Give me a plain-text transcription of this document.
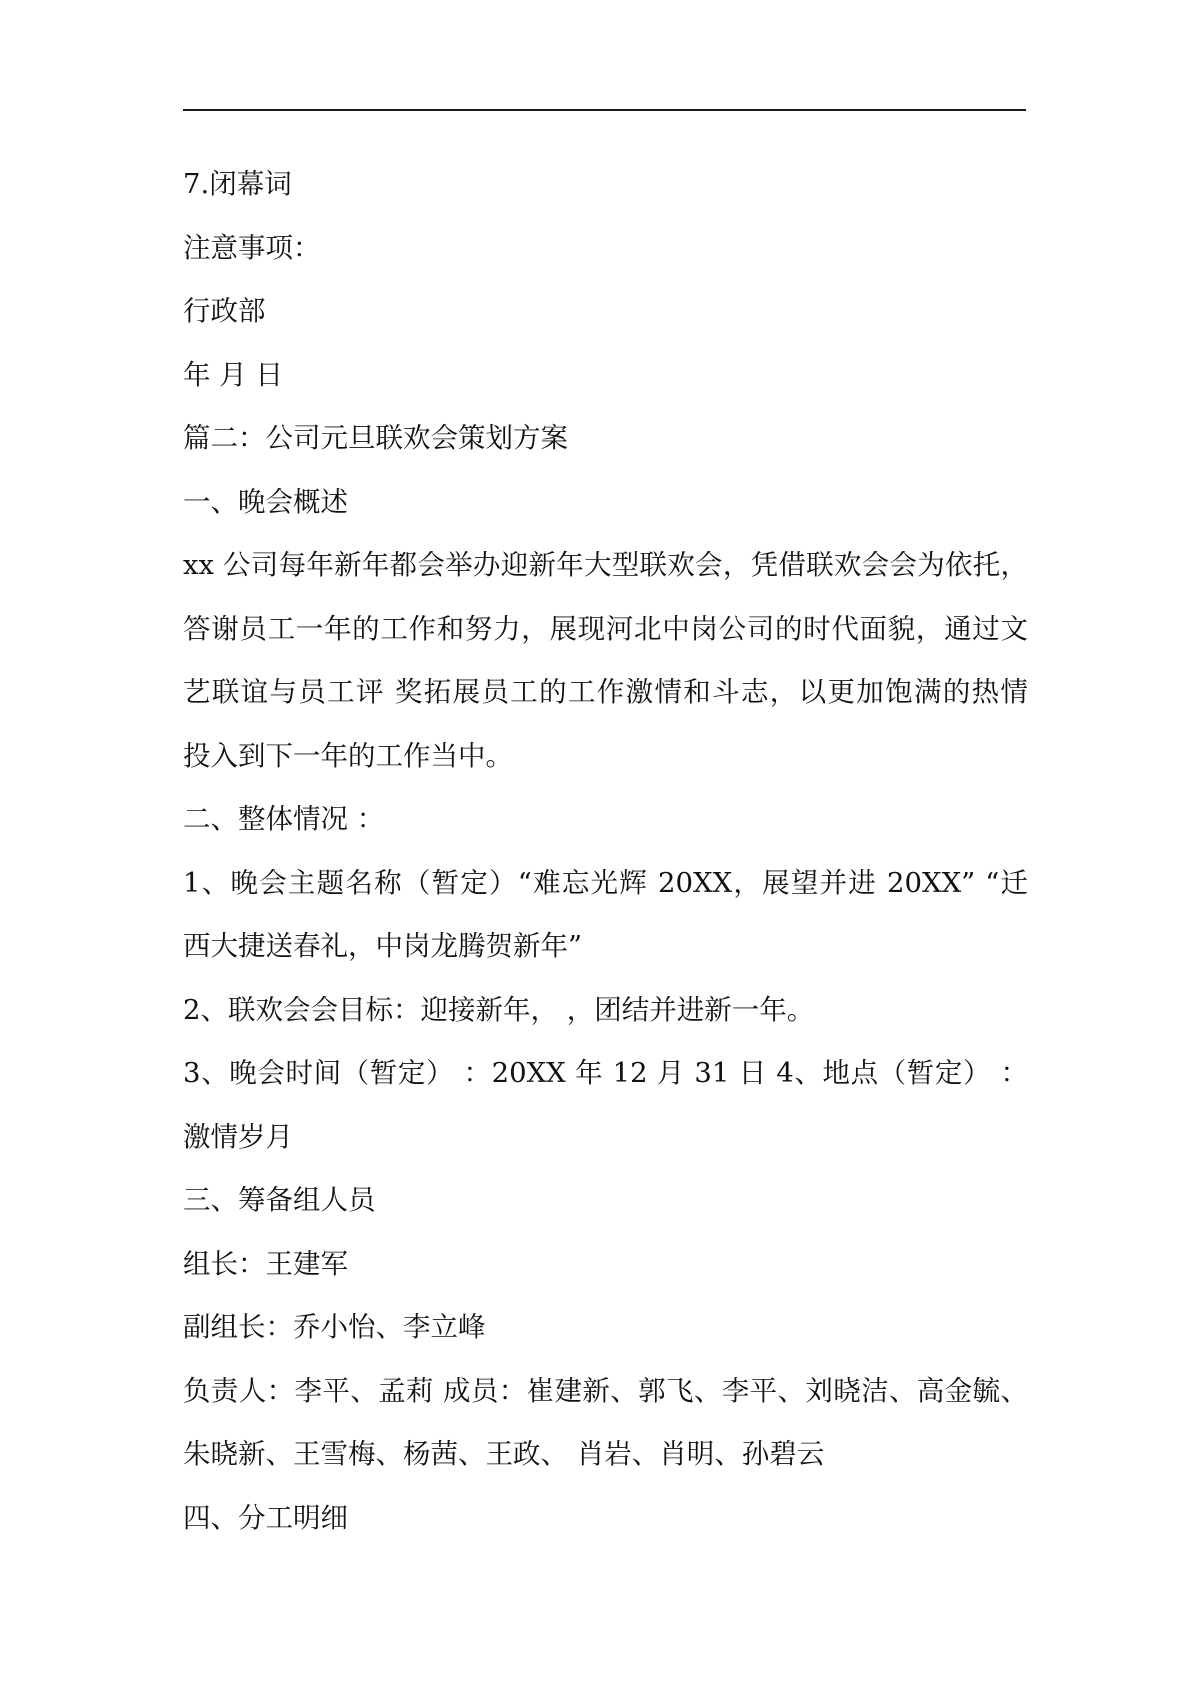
7.闭幕词
注意事项：
行政部
年 月 日
篇二：公司元旦联欢会策划方案
一、晚会概述
xx 公司每年新年都会举办迎新年大型联欢会，凭借联欢会会为依托，
答谢员工一年的工作和努力，展现河北中岗公司的时代面貌，通过文
艺联谊与员工评 奖拓展员工的工作激情和斗志，以更加饱满的热情
投入到下一年的工作当中。
二、整体情况 ：
1、晚会主题名称（暂定）“难忘光辉 20XX，展望并进 20XX” “迁
西大捷送春礼，中岗龙腾贺新年”
2、联欢会会目标：迎接新年， ，团结并进新一年。
3、晚会时间（暂定） ：20XX 年 12 月 31 日 4、地点（暂定） ：
激情岁月
三、筹备组人员
组长：王建军
副组长：乔小怡、李立峰
负责人：李平、孟莉 成员：崔建新、郭飞、李平、刘晓洁、高金毓、
朱晓新、王雪梅、杨茜、王政、 肖岩、肖明、孙碧云
四、分工明细
